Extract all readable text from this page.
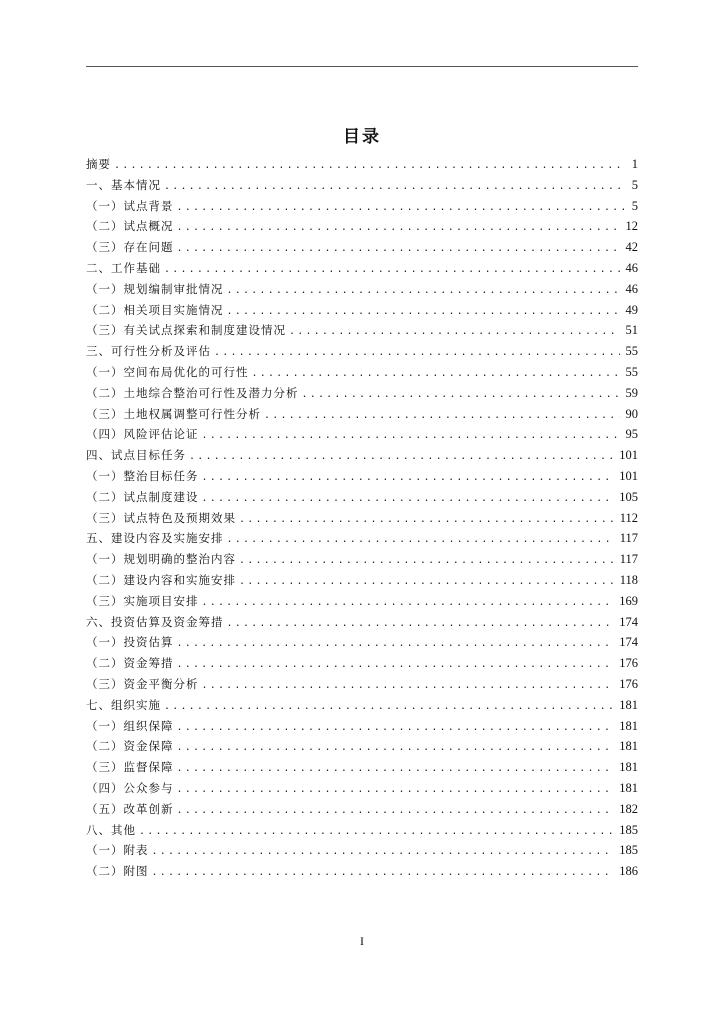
目录
摘要 .....	1
一、基本情况 .....	5
（一）试点背景 .....	5
（二）试点概况 .....	12
（三）存在问题 .....	42
二、工作基础 .....	46
（一）规划编制审批情况 .....	46
（二）相关项目实施情况 .....	49
（三）有关试点探索和制度建设情况 .....	51
三、可行性分析及评估 .....	55
（一）空间布局优化的可行性 .....	55
（二）土地综合整治可行性及潜力分析 .....	59
（三）土地权属调整可行性分析 .....	90
（四）风险评估论证 .....	95
四、试点目标任务 .....	101
（一）整治目标任务 .....	101
（二）试点制度建设 .....	105
（三）试点特色及预期效果 .....	112
五、建设内容及实施安排 .....	117
（一）规划明确的整治内容 .....	117
（二）建设内容和实施安排 .....	118
（三）实施项目安排 .....	169
六、投资估算及资金筹措 .....	174
（一）投资估算 .....	174
（二）资金筹措 .....	176
（三）资金平衡分析 .....	176
七、组织实施 .....	181
（一）组织保障 .....	181
（二）资金保障 .....	181
（三）监督保障 .....	181
（四）公众参与 .....	181
（五）改革创新 .....	182
八、其他 .....	185
（一）附表 .....	185
（二）附图 .....	186
I
